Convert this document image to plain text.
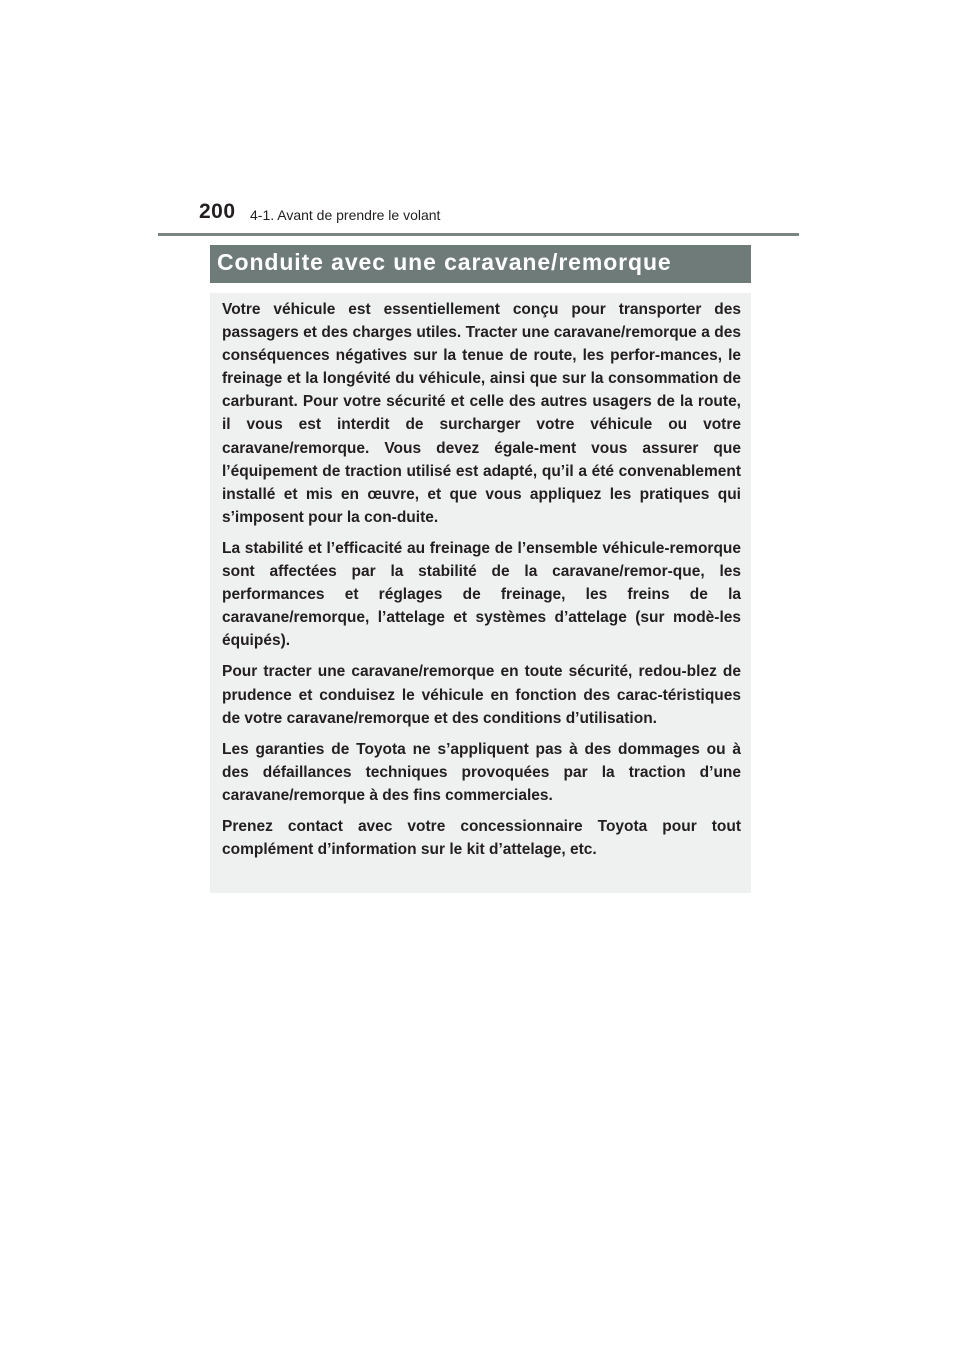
200 4-1. Avant de prendre le volant
Conduite avec une caravane/remorque

Votre véhicule est essentiellement conçu pour transporter des passagers et des charges utiles. Tracter une caravane/remorque a des conséquences négatives sur la tenue de route, les perfor-mances, le freinage et la longévité du véhicule, ainsi que sur la consommation de carburant. Pour votre sécurité et celle des autres usagers de la route, il vous est interdit de surcharger votre véhicule ou votre caravane/remorque. Vous devez égale-ment vous assurer que l’équipement de traction utilisé est adapté, qu’il a été convenablement installé et mis en œuvre, et que vous appliquez les pratiques qui s’imposent pour la con-duite.

La stabilité et l’efficacité au freinage de l’ensemble véhicule-remorque sont affectées par la stabilité de la caravane/remor-que, les performances et réglages de freinage, les freins de la caravane/remorque, l’attelage et systèmes d’attelage (sur modè-les équipés).

Pour tracter une caravane/remorque en toute sécurité, redou-blez de prudence et conduisez le véhicule en fonction des carac-téristiques de votre caravane/remorque et des conditions d’utilisation.

Les garanties de Toyota ne s’appliquent pas à des dommages ou à des défaillances techniques provoquées par la traction d’une caravane/remorque à des fins commerciales.

Prenez contact avec votre concessionnaire Toyota pour tout complément d’information sur le kit d’attelage, etc.
